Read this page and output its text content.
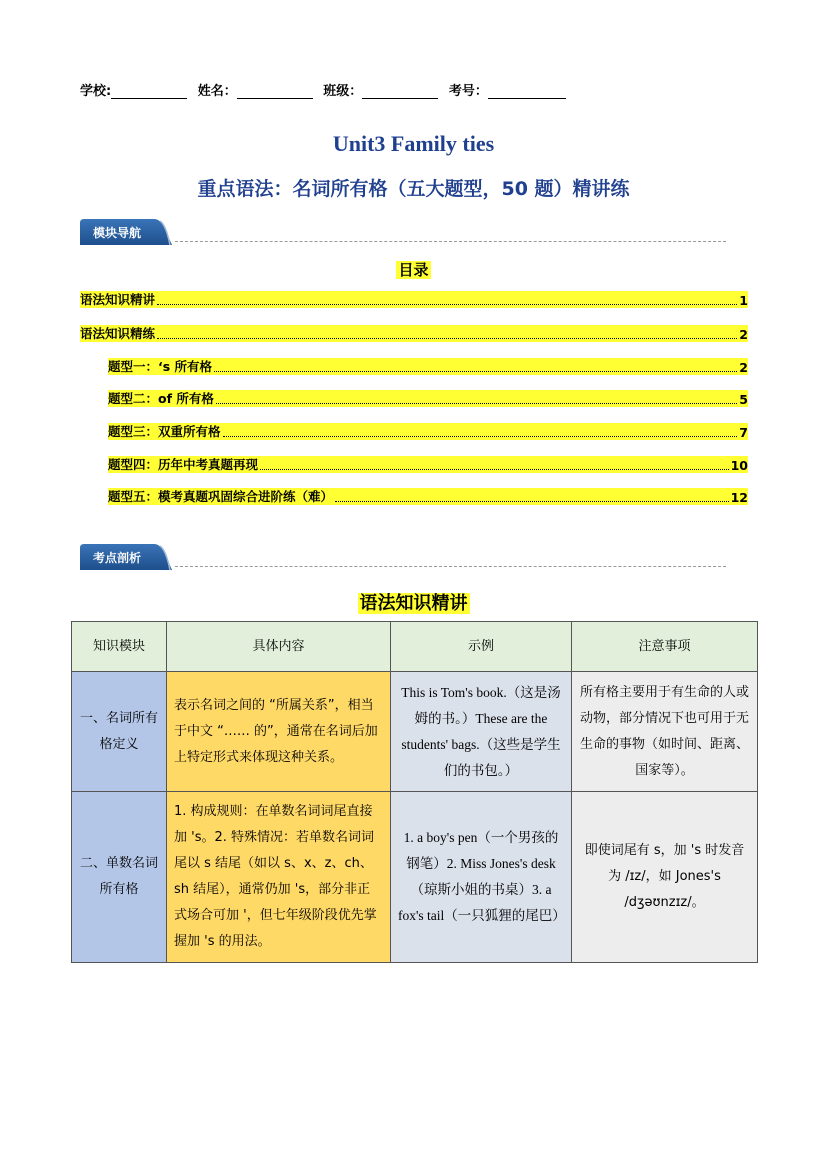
学校:	姓名：	班级：	考号：
Unit3 Family ties
重点语法：名词所有格（五大题型，50 题）精讲练
模块导航
目录
语法知识精讲	1
语法知识精练	2
题型一：‘s 所有格	2
题型二：of 所有格	5
题型三：双重所有格	7
题型四：历年中考真题再现	10
题型五：模考真题巩固综合进阶练（难）	12
考点剖析
语法知识精讲
知识模块	具体内容	示例	注意事项
一、名词所有格定义	表示名词之间的 “所属关系”，相当于中文 “…… 的”，通常在名词后加上特定形式来体现这种关系。	This is Tom's book.（这是汤姆的书。）These are the students' bags.（这些是学生们的书包。）	所有格主要用于有生命的人或动物，部分情况下也可用于无生命的事物（如时间、距离、国家等）。
二、单数名词所有格	1. 构成规则：在单数名词词尾直接加 's。2. 特殊情况：若单数名词词尾以 s 结尾（如以 s、x、z、ch、sh 结尾），通常仍加 's，部分非正式场合可加 '，但七年级阶段优先掌握加 's 的用法。	1. a boy's pen（一个男孩的钢笔）2. Miss Jones's desk（琼斯小姐的书桌）3. a fox's tail（一只狐狸的尾巴）	即使词尾有 s，加 's 时发音为 /ɪz/，如 Jones's /dʒəʊnzɪz/。
